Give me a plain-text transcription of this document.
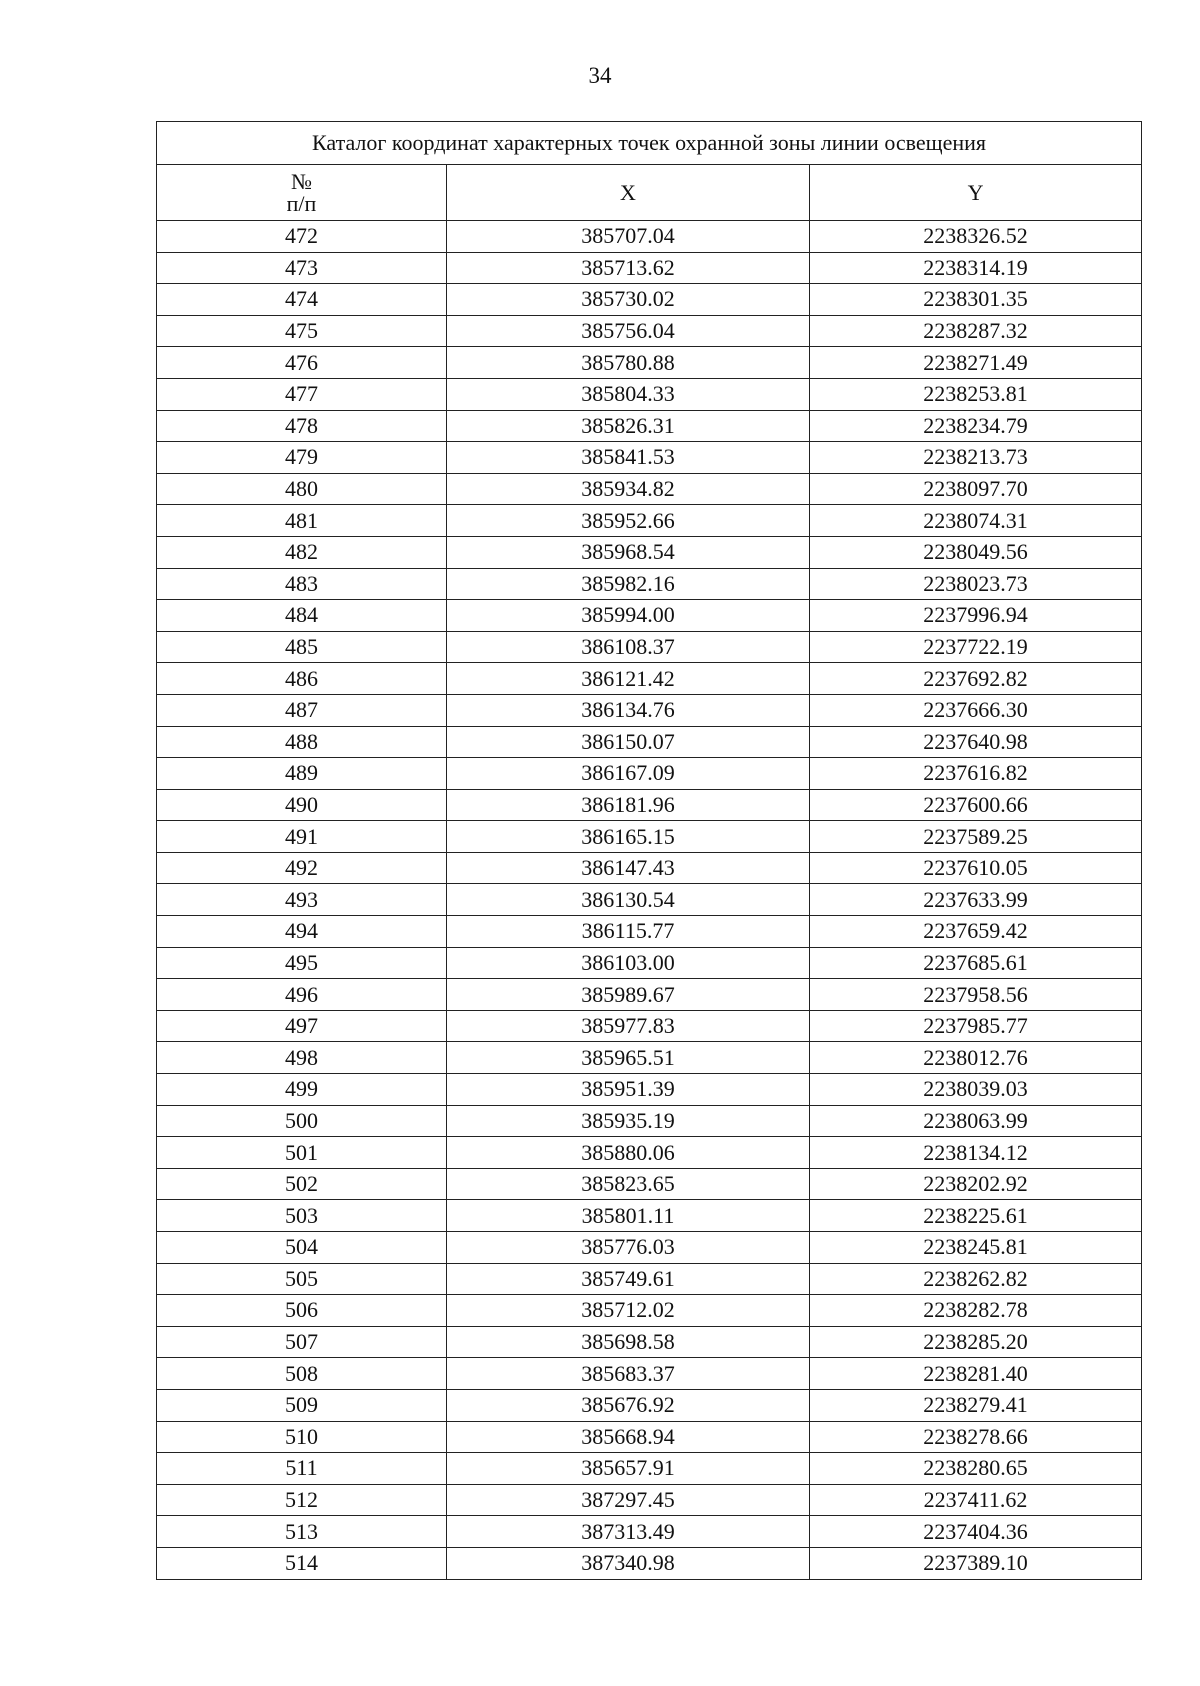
34
Каталог координат характерных точек охранной зоны линии освещения		
№
п/п	X	Y
472	385707.04	2238326.52
473	385713.62	2238314.19
474	385730.02	2238301.35
475	385756.04	2238287.32
476	385780.88	2238271.49
477	385804.33	2238253.81
478	385826.31	2238234.79
479	385841.53	2238213.73
480	385934.82	2238097.70
481	385952.66	2238074.31
482	385968.54	2238049.56
483	385982.16	2238023.73
484	385994.00	2237996.94
485	386108.37	2237722.19
486	386121.42	2237692.82
487	386134.76	2237666.30
488	386150.07	2237640.98
489	386167.09	2237616.82
490	386181.96	2237600.66
491	386165.15	2237589.25
492	386147.43	2237610.05
493	386130.54	2237633.99
494	386115.77	2237659.42
495	386103.00	2237685.61
496	385989.67	2237958.56
497	385977.83	2237985.77
498	385965.51	2238012.76
499	385951.39	2238039.03
500	385935.19	2238063.99
501	385880.06	2238134.12
502	385823.65	2238202.92
503	385801.11	2238225.61
504	385776.03	2238245.81
505	385749.61	2238262.82
506	385712.02	2238282.78
507	385698.58	2238285.20
508	385683.37	2238281.40
509	385676.92	2238279.41
510	385668.94	2238278.66
511	385657.91	2238280.65
512	387297.45	2237411.62
513	387313.49	2237404.36
514	387340.98	2237389.10
